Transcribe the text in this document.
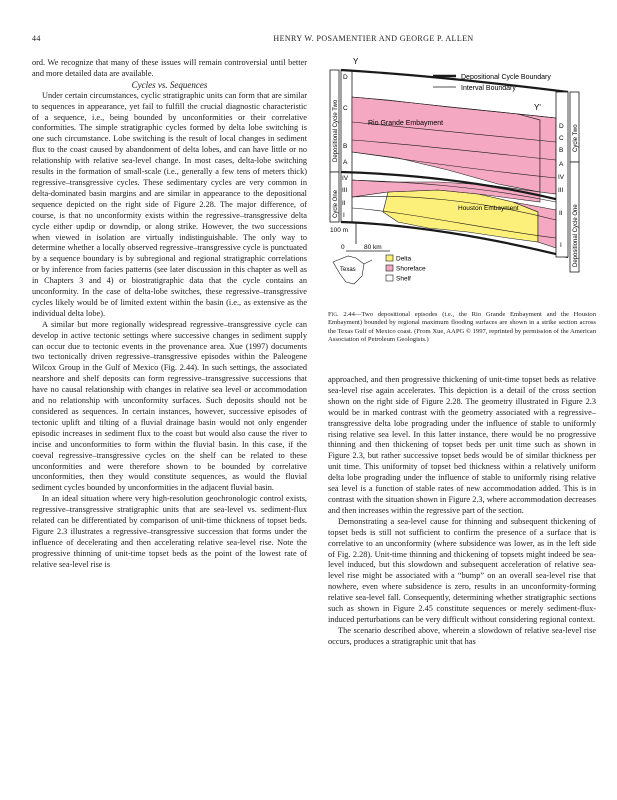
44	HENRY W. POSAMENTIER AND GEORGE P. ALLEN

ord. We recognize that many of these issues will remain controversial until better and more detailed data are available.

Cycles vs. Sequences

Under certain circumstances, cyclic stratigraphic units can form that are similar to sequences in appearance, yet fail to fulfill the crucial diagnostic characteristic of a sequence, i.e., being bounded by unconformities or their correlative conformities. The simple stratigraphic cycles formed by delta lobe switching is one such circumstance. Lobe switching is the result of local changes in sediment flux to the coast caused by abandonment of delta lobes, and can have little or no relationship with relative sea-level change. In most cases, delta-lobe switching results in the formation of small-scale (i.e., generally a few tens of meters thick) regressive–transgressive cycles. These sedimentary cycles are very common in delta-dominated basin margins and are similar in appearance to the depositional sequence depicted on the right side of Figure 2.28. The major difference, of course, is that no unconformity exists within the regressive–transgressive delta cycle either updip or downdip, or along strike. However, the two successions when viewed in isolation are virtually indistinguishable. The only way to determine whether a locally observed regressive–transgressive cycle is punctuated by a sequence boundary is by subregional and regional stratigraphic correlations or by inference from facies patterns (see later discussion in this chapter as well as in Chapters 3 and 4) or biostratigraphic data that the cycle contains an unconformity. In the case of delta-lobe switches, these regressive–transgressive cycles likely would be of limited extent within the basin (i.e., as extensive as the individual delta lobe).

A similar but more regionally widespread regressive–transgressive cycle can develop in active tectonic settings where successive changes in sediment supply can occur due to tectonic events in the provenance area. Xue (1997) documents two tectonically driven regressive–transgressive episodes within the Paleogene Wilcox Group in the Gulf of Mexico (Fig. 2.44). In such settings, the associated nearshore and shelf deposits can form regressive–transgressive successions that have no causal relationship with changes in relative sea level or accommodation and no relationship with unconformity surfaces. Such deposits should not be considered as sequences. In certain instances, however, successive episodes of tectonic uplift and tilting of a fluvial drainage basin would not only engender episodic increases in sediment flux to the coast but would also cause the river to incise and unconformities to form within the fluvial basin. In this case, if the coeval regressive–transgressive cycles on the shelf can be related to these unconformities and were therefore shown to be bounded by correlative unconformities, then they would constitute sequences, as would the fluvial sediment cycles bounded by unconformities in the adjacent fluvial basin.

In an ideal situation where very high-resolution geochronologic control exists, regressive–transgressive stratigraphic units that are sea-level vs. sediment-flux related can be differentiated by comparison of unit-time thickness of topset beds. Figure 2.3 illustrates a regressive–transgressive succession that forms under the influence of decelerating and then accelerating relative sea-level rise. Note the progressive thinning of unit-time topset beds as the point of the lowest rate of relative sea-level rise is

Y
Y'
Depositional Cycle Boundary
Interval Boundary
Depositional Cycle Two
Cycle One
Cycle Two
Depositional Cycle One
D
C
B
A
IV
III
II
I
D
C
B
A
IV
III
II
I
Rio Grande Embayment
Houston Embayment
100 m
0	80 km
Texas
Delta
Shoreface
Shelf
Fig. 2.44—Two depositional episodes (i.e., the Rio Grande Embayment and the Houston Embayment) bounded by regional maximum flooding surfaces are shown in a strike section across the Texas Gulf of Mexico coast. (From Xue, AAPG © 1997, reprinted by permission of the American Association of Petroleum Geologists.)

approached, and then progressive thickening of unit-time topset beds as relative sea-level rise again accelerates. This depiction is a detail of the cross section shown on the right side of Figure 2.28. The geometry illustrated in Figure 2.3 would be in marked contrast with the geometry associated with a regressive–transgressive delta lobe prograding under the influence of stable to uniformly rising relative sea level. In this latter instance, there would be no progressive thinning and then thickening of topset beds per unit time such as shown in Figure 2.3, but rather successive topset beds would be of similar thickness per unit time. This uniformity of topset bed thickness within a relatively uniform delta lobe prograding under the influence of stable to uniformly rising relative sea level is a function of stable rates of new accommodation added. This is in contrast with the situation shown in Figure 2.3, where accommodation decreases and then increases within the regressive part of the section.

Demonstrating a sea-level cause for thinning and subsequent thickening of topset beds is still not sufficient to confirm the presence of a surface that is correlative to an unconformity (where subsidence was lower, as in the left side of Fig. 2.28). Unit-time thinning and thickening of topsets might indeed be sea-level induced, but this slowdown and subsequent acceleration of relative sea-level rise might be associated with a “bump” on an overall sea-level rise that nowhere, even where subsidence is zero, results in an unconformity-forming relative sea-level fall. Consequently, determining whether stratigraphic sections such as shown in Figure 2.45 constitute sequences or merely sediment-flux-induced perturbations can be very difficult without considering regional context.

The scenario described above, wherein a slowdown of relative sea-level rise occurs, produces a stratigraphic unit that has
